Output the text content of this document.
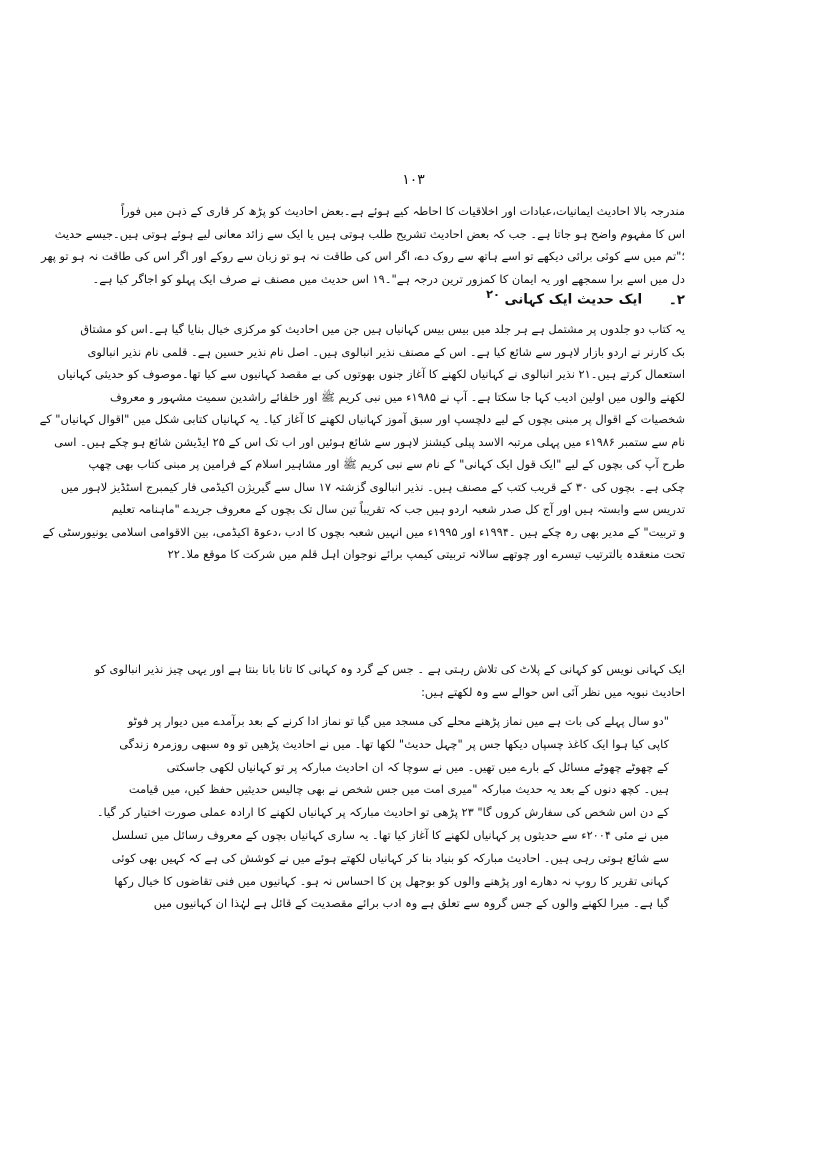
۱۰۳
مندرجہ بالا احادیث ایمانیات،عبادات اور اخلاقیات کا احاطہ کیے ہوئے ہے۔بعض احادیث کو پڑھ کر قاری کے ذہن میں فوراً
اس کا مفہوم واضح ہو جاتا ہے۔ جب کہ بعض احادیث تشریح طلب ہوتی ہیں یا ایک سے زائد معانی لیے ہوئے ہوتی ہیں۔جیسے حدیث
؛"تم میں سے کوئی برائی دیکھے تو اسے ہاتھ سے روک دے، اگر اس کی طاقت نہ ہو تو زبان سے روکے اور اگر اس کی طاقت نہ ہو تو پھر
دل میں اسے برا سمجھے اور یہ ایمان کا کمزور ترین درجہ ہے"۔۱۹ اس حدیث میں مصنف نے صرف ایک پہلو کو اجاگر کیا ہے۔
۲۔ ایک حدیث ایک کہانی $^{۲۰}$
یہ کتاب دو جلدوں پر مشتمل ہے ہر جلد میں بیس بیس کہانیاں ہیں جن میں احادیث کو مرکزی خیال بنایا گیا ہے۔اس کو مشتاق
بک کارنر نے اردو بازار لاہور سے شائع کیا ہے۔ اس کے مصنف نذیر انبالوی ہیں۔ اصل نام نذیر حسین ہے۔ قلمی نام نذیر انبالوی
استعمال کرتے ہیں۔۲۱ نذیر انبالوی نے کہانیاں لکھنے کا آغاز جنوں بھوتوں کی بے مقصد کہانیوں سے کیا تھا۔موصوف کو حدیثی کہانیاں
لکھنے والوں میں اولین ادیب کہا جا سکتا ہے۔ آپ نے ۱۹۸۵ء میں نبی کریم ﷺ اور خلفائے راشدین سمیت مشہور و معروف
شخصیات کے اقوال پر مبنی بچوں کے لیے دلچسپ اور سبق آموز کہانیاں لکھنے کا آغاز کیا۔ یہ کہانیاں کتابی شکل میں "اقوال کہانیاں" کے
نام سے ستمبر ۱۹۸۶ء میں پہلی مرتبہ الاسد پبلی کیشنز لاہور سے شائع ہوئیں اور اب تک اس کے ۲۵ ایڈیشن شائع ہو چکے ہیں۔ اسی
طرح آپ کی بچوں کے لیے "ایک قول ایک کہانی" کے نام سے نبی کریم ﷺ اور مشاہیر اسلام کے فرامین پر مبنی کتاب بھی چھپ
چکی ہے۔ بچوں کی ۳۰ کے قریب کتب کے مصنف ہیں۔ نذیر انبالوی گزشتہ ۱۷ سال سے گیریژن اکیڈمی فار کیمبرج اسٹڈیز لاہور میں
تدریس سے وابستہ ہیں اور آج کل صدر شعبہ اردو ہیں جب کہ تقریباً تین سال تک بچوں کے معروف جریدے "ماہنامہ تعلیم
و تربیت" کے مدیر بھی رہ چکے ہیں ۔۱۹۹۴ء اور ۱۹۹۵ء میں انہیں شعبہ بچوں کا ادب ،دعوۃ اکیڈمی، بین الاقوامی اسلامی یونیورسٹی کے
تحت منعقدہ بالترتیب تیسرے اور چوتھے سالانہ تربیتی کیمپ برائے نوجوان اہل قلم میں شرکت کا موقع ملا۔۲۲
ایک کہانی نویس کو کہانی کے پلاٹ کی تلاش رہتی ہے ۔ جس کے گرد وہ کہانی کا تانا بانا بنتا ہے اور یہی چیز نذیر انبالوی کو
احادیث نبویہ میں نظر آئی اس حوالے سے وہ لکھتے ہیں:
"دو سال پہلے کی بات ہے میں نماز پڑھنے محلے کی مسجد میں گیا تو نماز ادا کرنے کے بعد برآمدے میں دیوار پر فوٹو
کاپی کیا ہوا ایک کاغذ چسپاں دیکھا جس پر "چہل حدیث" لکھا تھا۔ میں نے احادیث پڑھیں تو وہ سبھی روزمرہ زندگی
کے چھوٹے چھوٹے مسائل کے بارے میں تھیں۔ میں نے سوچا کہ ان احادیث مبارکہ پر تو کہانیاں لکھی جاسکتی
ہیں۔ کچھ دنوں کے بعد یہ حدیث مبارکہ "میری امت میں جس شخص نے بھی چالیس حدیثیں حفظ کیں، میں قیامت
کے دن اس شخص کی سفارش کروں گا" ۲۳ پڑھی تو احادیث مبارکہ پر کہانیاں لکھنے کا ارادہ عملی صورت اختیار کر گیا۔
میں نے مئی ۲۰۰۴ء سے حدیثوں پر کہانیاں لکھنے کا آغاز کیا تھا۔ یہ ساری کہانیاں بچوں کے معروف رسائل میں تسلسل
سے شائع ہوتی رہی ہیں۔ احادیث مبارکہ کو بنیاد بنا کر کہانیاں لکھتے ہوئے میں نے کوشش کی ہے کہ کہیں بھی کوئی
کہانی تقریر کا روپ نہ دھارے اور پڑھنے والوں کو بوجھل پن کا احساس نہ ہو۔ کہانیوں میں فنی تقاضوں کا خیال رکھا
گیا ہے۔ میرا لکھنے والوں کے جس گروہ سے تعلق ہے وہ ادب برائے مقصدیت کے قائل ہے لہٰذا ان کہانیوں میں
